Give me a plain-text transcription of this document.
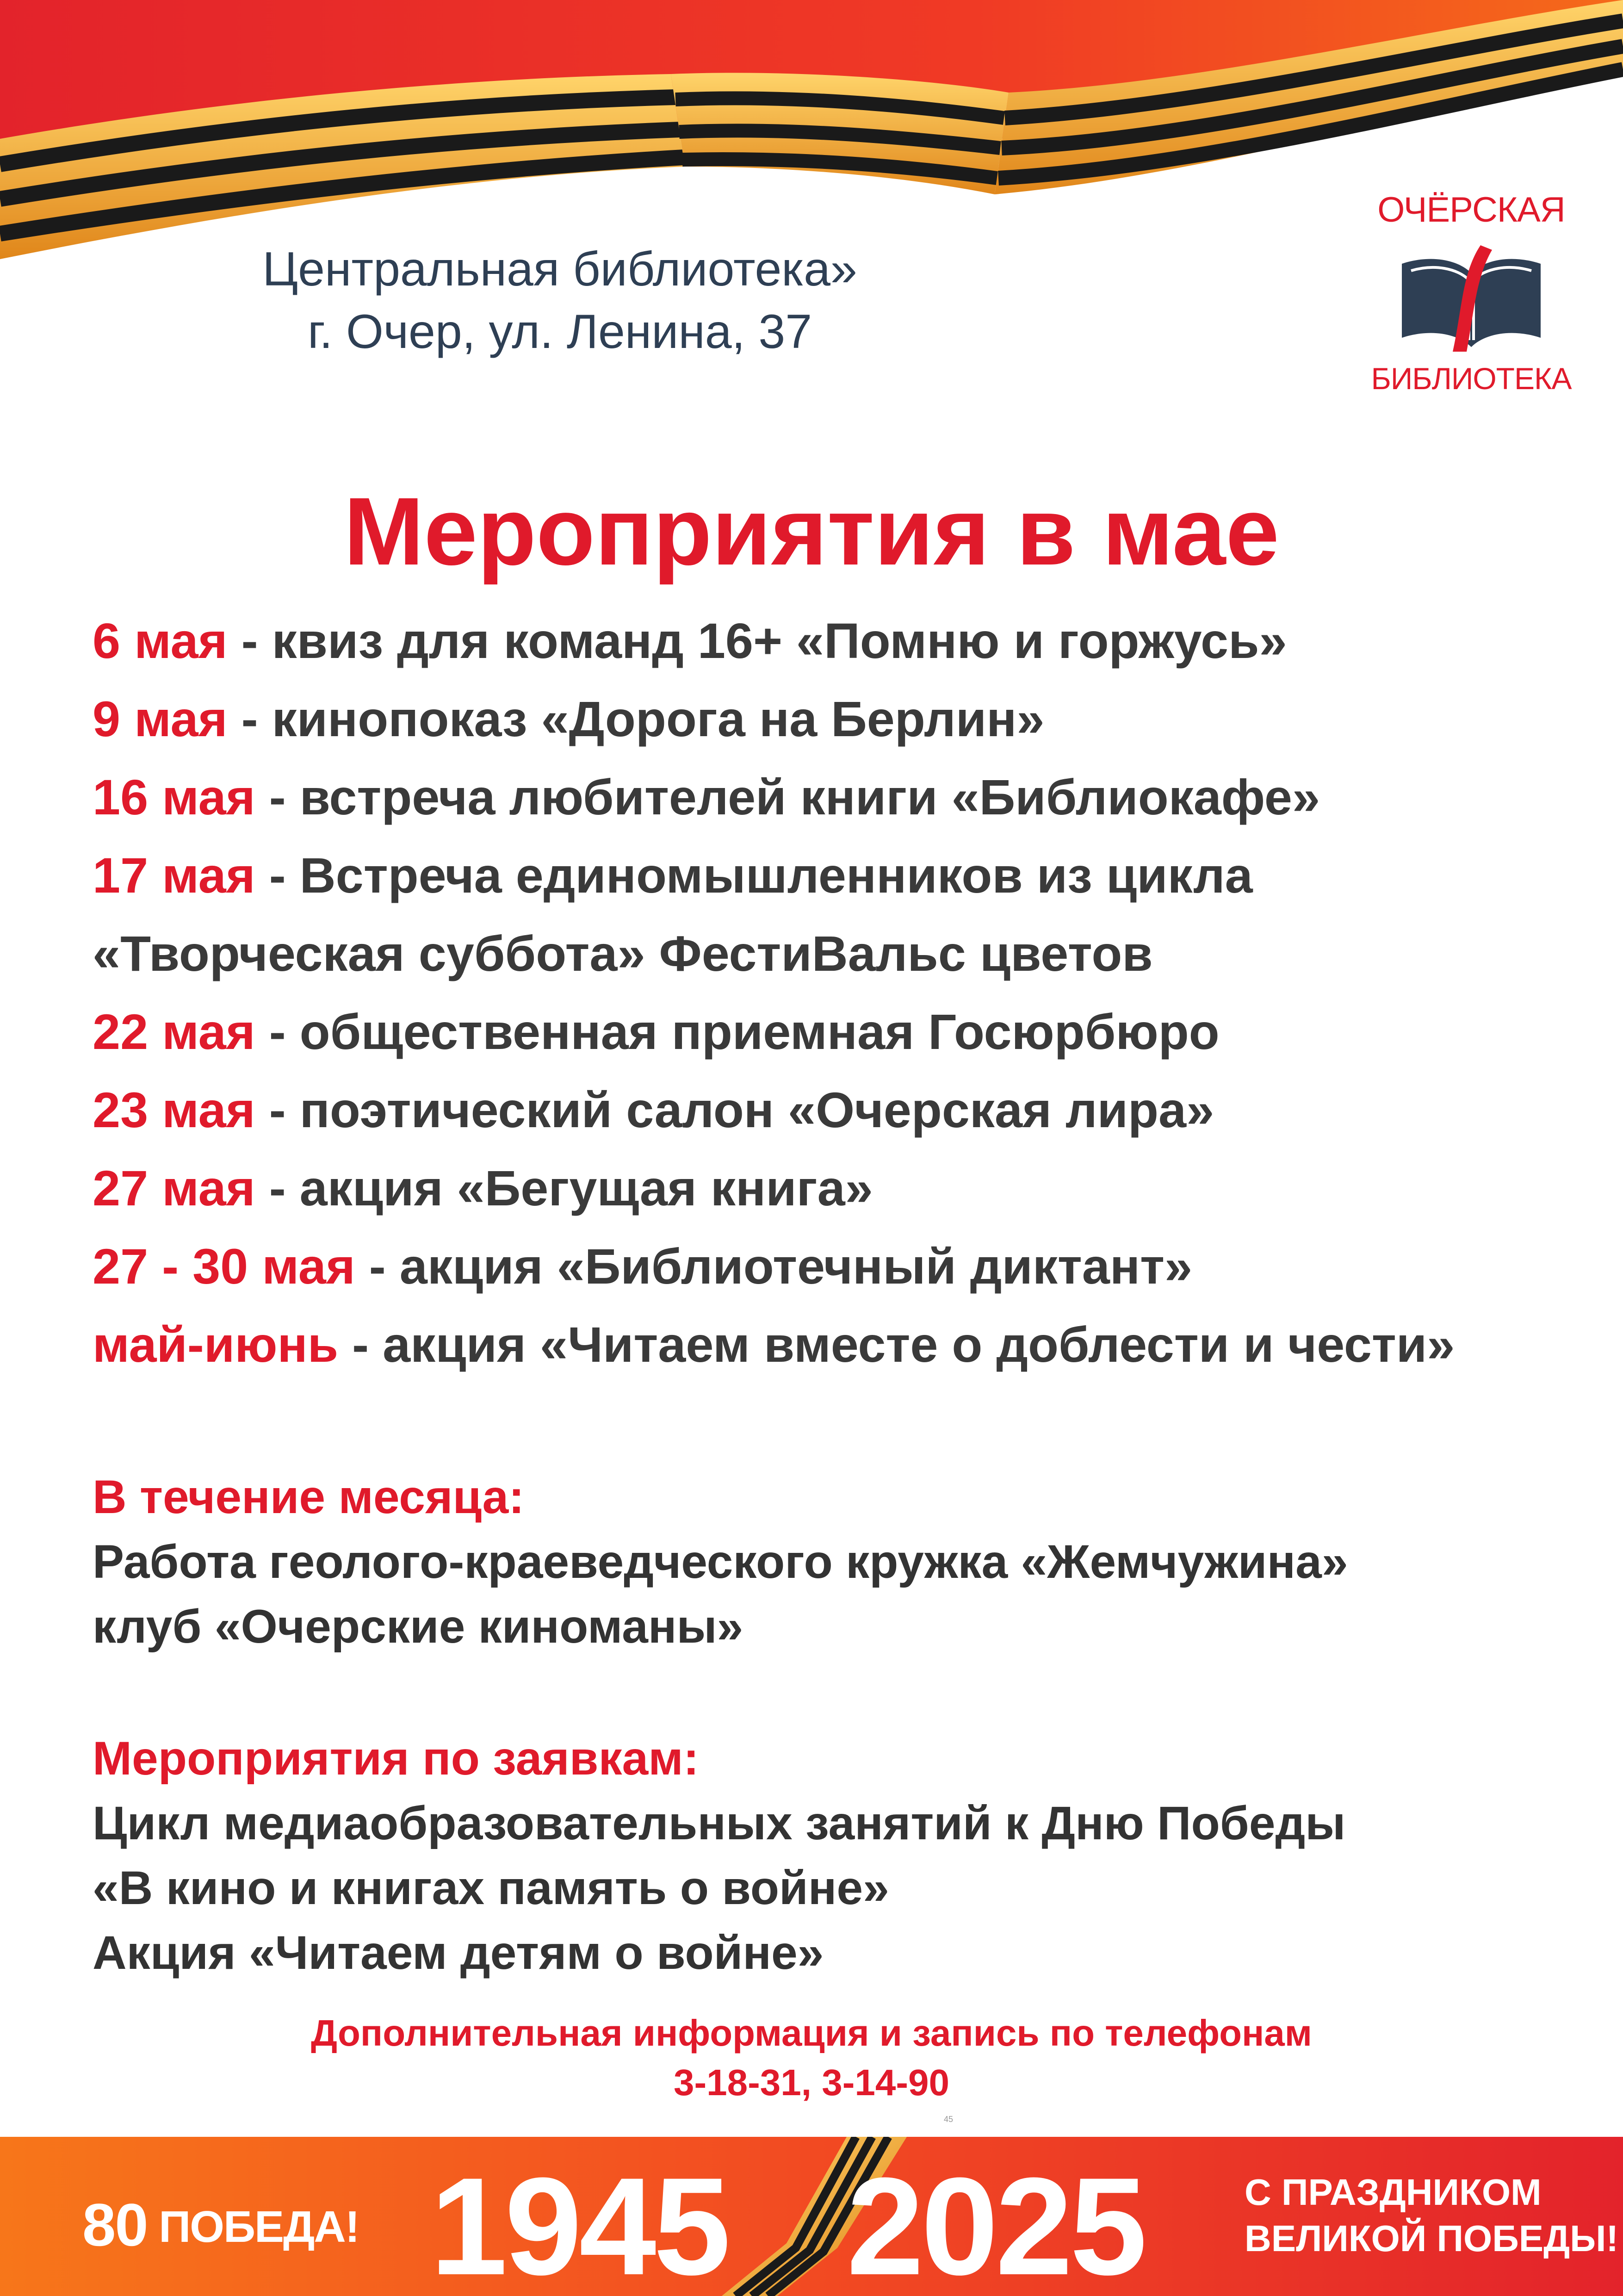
Центральная библиотека»
г. Очер, ул. Ленина, 37
ОЧЁРСКАЯ
БИБЛИОТЕКА
Мероприятия в мае
6 мая - квиз для команд 16+ «Помню и горжусь»
9 мая - кинопоказ «Дорога на Берлин»
16 мая - встреча любителей книги «Библиокафе»
17 мая - Встреча единомышленников из цикла
«Творческая суббота» ФестиВальс цветов
22 мая - общественная приемная Госюрбюро
23 мая - поэтический салон «Очерская лира»
27 мая - акция «Бегущая книга»
27 - 30 мая - акция «Библиотечный диктант»
май-июнь - акция «Читаем вместе о доблести и чести»
В течение месяца:
Работа геолого-краеведческого кружка «Жемчужина»
клуб «Очерские киноманы»
Мероприятия по заявкам:
Цикл медиаобразовательных занятий к Дню Победы
«В кино и книгах память о войне»
Акция «Читаем детям о войне»
Дополнительная информация и запись по телефонам
3-18-31, 3-14-90
45
80 ПОБЕДА! 1945 2025	С ПРАЗДНИКОМ
ВЕЛИКОЙ ПОБЕДЫ!
